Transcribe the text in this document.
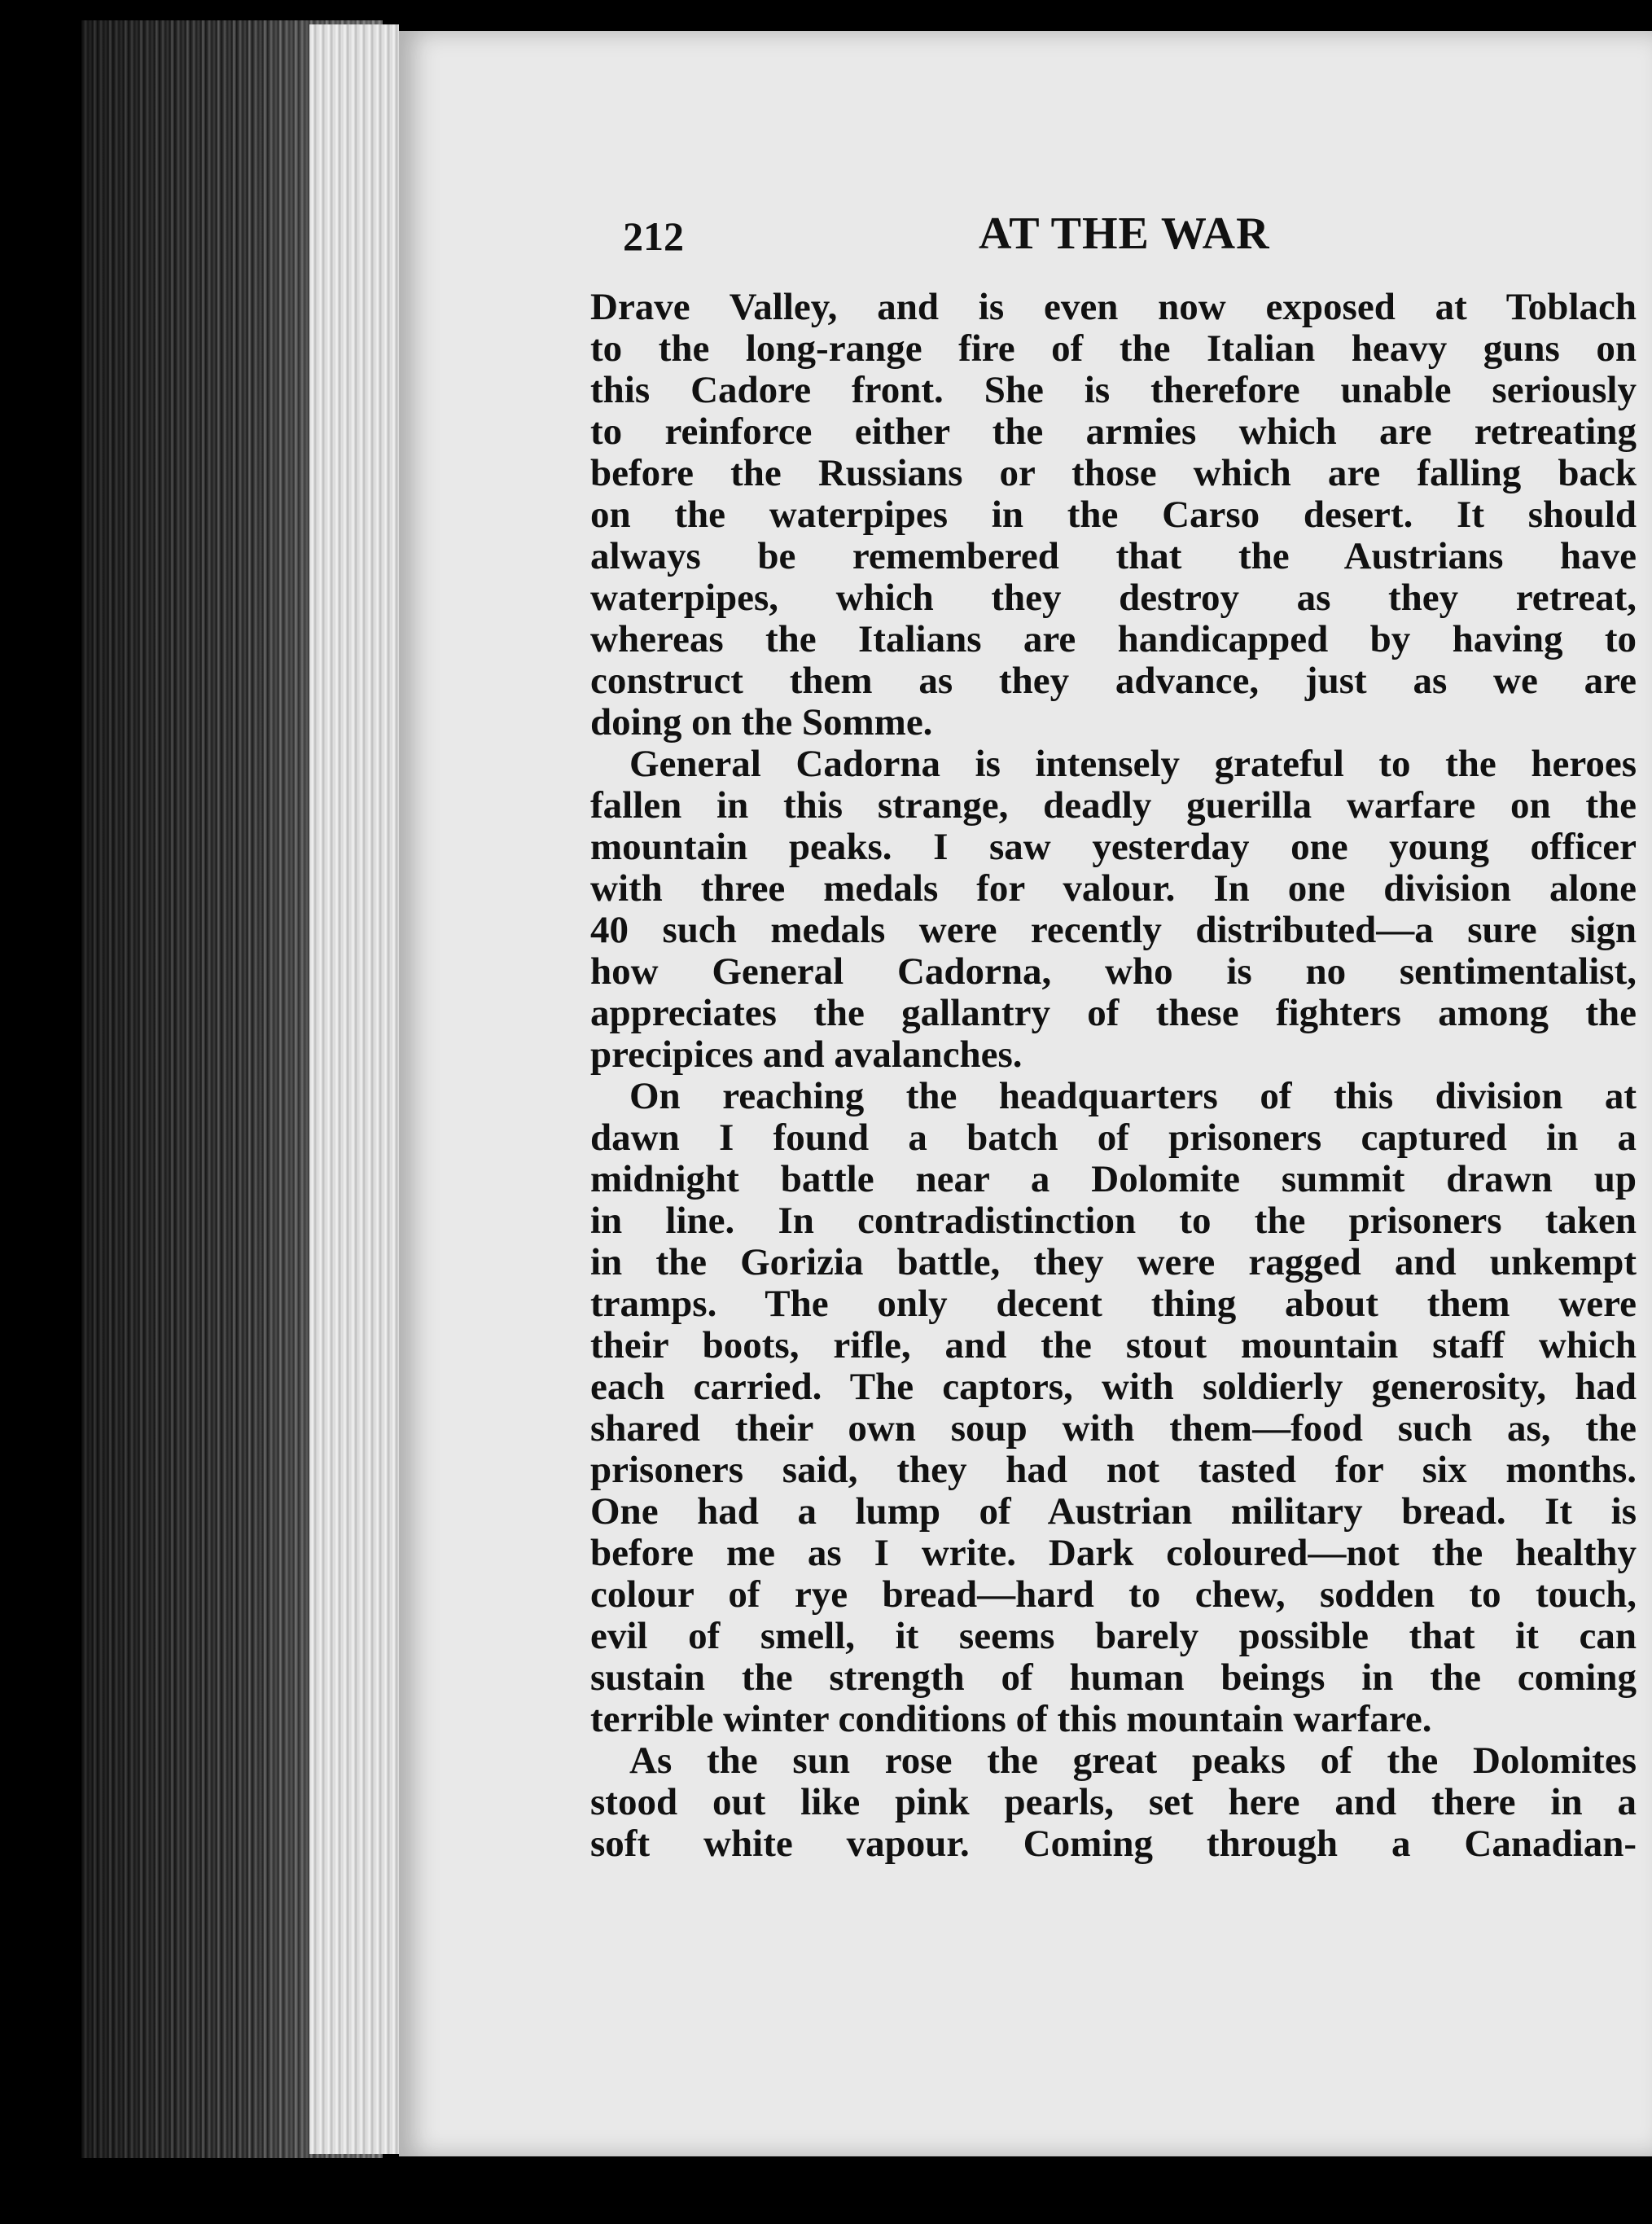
212	AT THE WAR
Drave Valley, and is even now exposed at Toblach
to the long-range fire of the Italian heavy guns on
this Cadore front. She is therefore unable seriously
to reinforce either the armies which are retreating
before the Russians or those which are falling back
on the waterpipes in the Carso desert. It should
always be remembered that the Austrians have
waterpipes, which they destroy as they retreat,
whereas the Italians are handicapped by having to
construct them as they advance, just as we are
doing on the Somme.
General Cadorna is intensely grateful to the heroes
fallen in this strange, deadly guerilla warfare on the
mountain peaks. I saw yesterday one young officer
with three medals for valour. In one division alone
40 such medals were recently distributed—a sure sign
how General Cadorna, who is no sentimentalist,
appreciates the gallantry of these fighters among the
precipices and avalanches.
On reaching the headquarters of this division at
dawn I found a batch of prisoners captured in a
midnight battle near a Dolomite summit drawn up
in line. In contradistinction to the prisoners taken
in the Gorizia battle, they were ragged and unkempt
tramps. The only decent thing about them were
their boots, rifle, and the stout mountain staff which
each carried. The captors, with soldierly generosity, had
shared their own soup with them—food such as, the
prisoners said, they had not tasted for six months.
One had a lump of Austrian military bread. It is
before me as I write. Dark coloured—not the healthy
colour of rye bread—hard to chew, sodden to touch,
evil of smell, it seems barely possible that it can
sustain the strength of human beings in the coming
terrible winter conditions of this mountain warfare.
As the sun rose the great peaks of the Dolomites
stood out like pink pearls, set here and there in a
soft white vapour. Coming through a Canadian-
